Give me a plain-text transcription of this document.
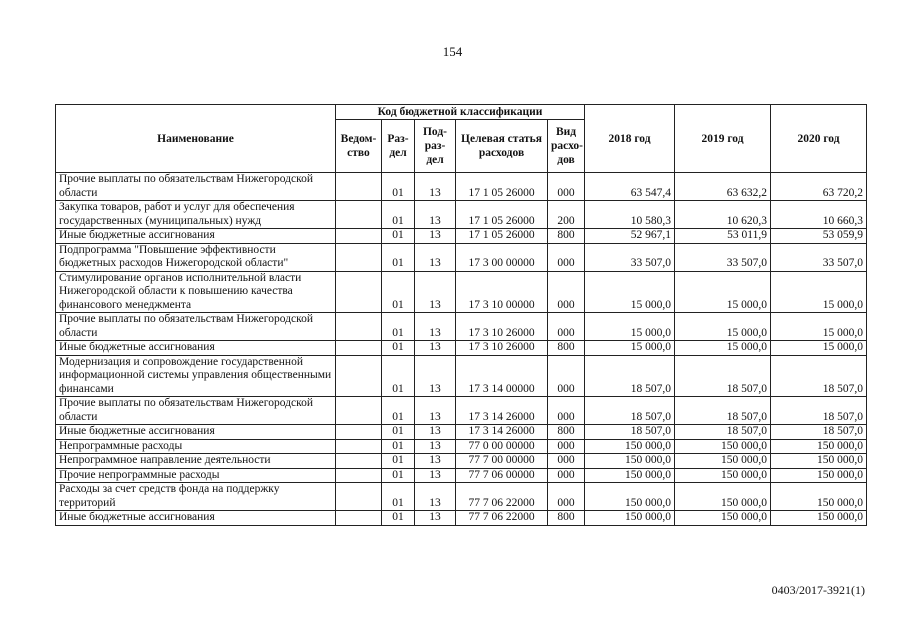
154
Наименование	Код бюджетной классификации					2018 год	2019 год	2020 год
	Ведом-ство	Раз-дел	Под-раз-дел	Целевая статья расходов	Вид расхо-дов			
Прочие выплаты по обязательствам Нижегородской области		01	13	17 1 05 26000	000	63 547,4	63 632,2	63 720,2
Закупка товаров, работ и услуг для обеспечения государственных (муниципальных) нужд		01	13	17 1 05 26000	200	10 580,3	10 620,3	10 660,3
Иные бюджетные ассигнования		01	13	17 1 05 26000	800	52 967,1	53 011,9	53 059,9
Подпрограмма "Повышение эффективности бюджетных расходов Нижегородской области"		01	13	17 3 00 00000	000	33 507,0	33 507,0	33 507,0
Стимулирование органов исполнительной власти Нижегородской области к повышению качества финансового менеджмента		01	13	17 3 10 00000	000	15 000,0	15 000,0	15 000,0
Прочие выплаты по обязательствам Нижегородской области		01	13	17 3 10 26000	000	15 000,0	15 000,0	15 000,0
Иные бюджетные ассигнования		01	13	17 3 10 26000	800	15 000,0	15 000,0	15 000,0
Модернизация и сопровождение государственной информационной системы управления общественными финансами		01	13	17 3 14 00000	000	18 507,0	18 507,0	18 507,0
Прочие выплаты по обязательствам Нижегородской области		01	13	17 3 14 26000	000	18 507,0	18 507,0	18 507,0
Иные бюджетные ассигнования		01	13	17 3 14 26000	800	18 507,0	18 507,0	18 507,0
Непрограммные расходы		01	13	77 0 00 00000	000	150 000,0	150 000,0	150 000,0
Непрограммное направление деятельности		01	13	77 7 00 00000	000	150 000,0	150 000,0	150 000,0
Прочие непрограммные расходы		01	13	77 7 06 00000	000	150 000,0	150 000,0	150 000,0
Расходы за счет средств фонда на поддержку территорий		01	13	77 7 06 22000	000	150 000,0	150 000,0	150 000,0
Иные бюджетные ассигнования		01	13	77 7 06 22000	800	150 000,0	150 000,0	150 000,0
0403/2017-3921(1)
